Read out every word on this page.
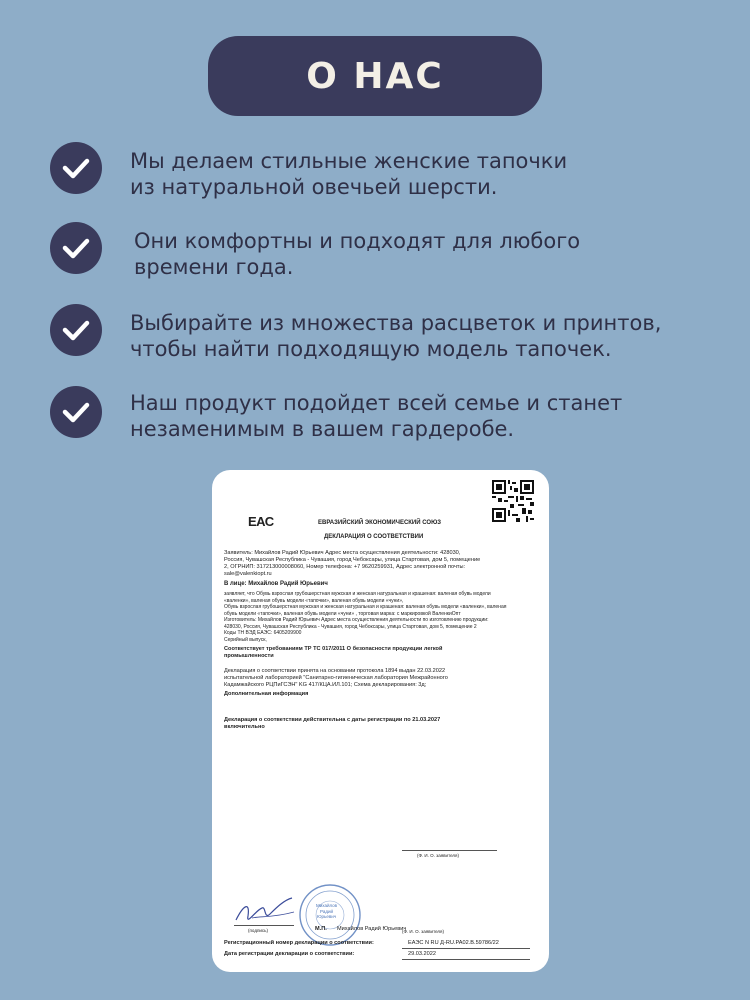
О НАС
Мы делаем стильные женские тапочки
из натуральной овечьей шерсти.
Они комфортны и подходят для любого
времени года.
Выбирайте из множества расцветок и принтов,
чтобы найти подходящую модель тапочек.
Наш продукт подойдет всей семье и станет
незаменимым в вашем гардеробе.
ЕАС	ЕВРАЗИЙСКИЙ ЭКОНОМИЧЕСКИЙ СОЮЗ
ДЕКЛАРАЦИЯ О СООТВЕТСТВИИ
Заявитель: Михайлов Радий Юрьевич Адрес места осуществления деятельности: 428030,
Россия, Чувашская Республика - Чувашия, город Чебоксары, улица Стартовая, дом 5, помещение
2, ОГРНИП: 317213000008060, Номер телефона: +7 9620259931, Адрес электронной почты:
sale@valenkiopt.ru
В лице: Михайлов Радий Юрьевич
заявляет, что Обувь взрослая грубошерстная мужская и женская натуральная и крашеная: валеная обувь модели
«валенки», валеная обувь модели «тапочки», валеная обувь модели «чуни»,
Обувь взрослая грубошерстная мужская и женская натуральная и крашеная: валеная обувь модели «валенки», валеная
обувь модели «тапочки», валеная обувь модели «чуни» , торговая марка: с маркировкой ВаленкиОпт
Изготовитель: Михайлов Радий Юрьевич Адрес места осуществления деятельности по изготовлению продукции:
428030, Россия, Чувашская Республика - Чувашия, город Чебоксары, улица Стартовая, дом 5, помещение 2
Коды ТН ВЭД ЕАЭС: 6405209900
Серийный выпуск,
Соответствует требованиям ТР ТС 017/2011 О безопасности продукции легкой
промышленности
Декларация о соответствии принята на основании протокола 1894 выдан 22.03.2022
испытательной лабораторией "Санитарно-гигиеническая лаборатория Межрайонного
Кадамжайского РЦПиГСЭН" KG 417/КЦА.ИЛ.101; Схема декларирования: 3д;
Дополнительная информация
Декларация о соответствии действительна с даты регистрации по 21.03.2027
включительно
(Ф. И. О. заявителя)
(подпись)
Михайлов
Радий
Юрьевич
М.П. Михайлов Радий Юрьевич
(Ф. И. О. заявителя)
Регистрационный номер декларации о соответствии:	ЕАЭС N RU Д-RU.PA02.B.59786/22
Дата регистрации декларации о соответствии:	29.03.2022
